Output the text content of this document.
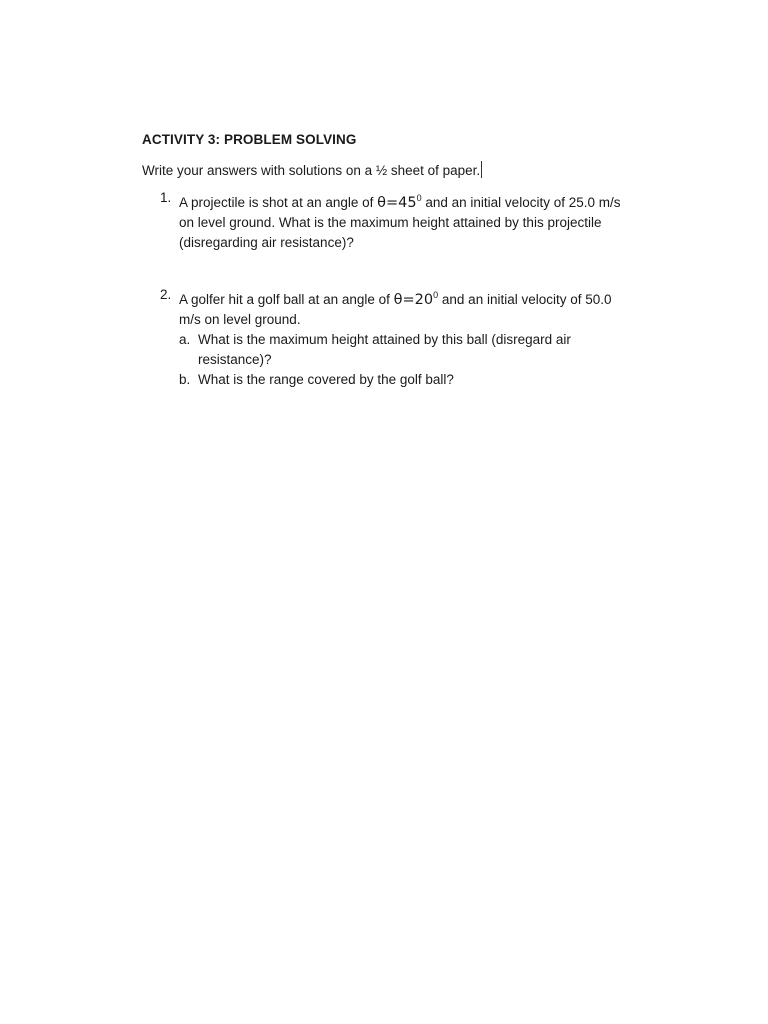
ACTIVITY 3: PROBLEM SOLVING
Write your answers with solutions on a ½ sheet of paper.
1. A projectile is shot at an angle of $\theta=45^0$ and an initial velocity of 25.0 m/s on level ground. What is the maximum height attained by this projectile (disregarding air resistance)?
2. A golfer hit a golf ball at an angle of $\theta=20^0$ and an initial velocity of 50.0 m/s on level ground.
a. What is the maximum height attained by this ball (disregard air resistance)?
b. What is the range covered by the golf ball?
